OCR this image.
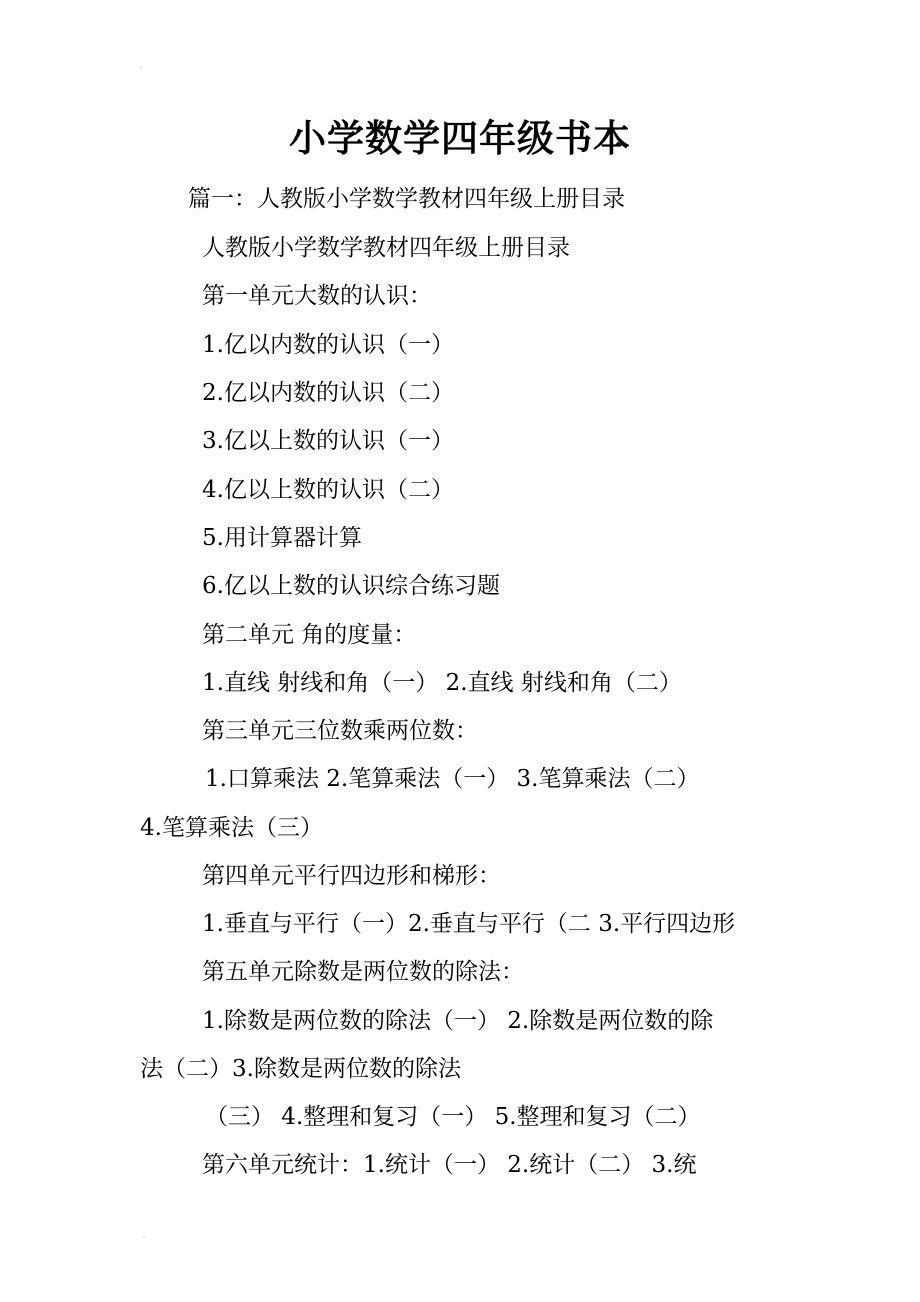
小学数学四年级书本
篇一：人教版小学数学教材四年级上册目录
人教版小学数学教材四年级上册目录
第一单元大数的认识：
1.亿以内数的认识（一）
2.亿以内数的认识（二）
3.亿以上数的认识（一）
4.亿以上数的认识（二）
5.用计算器计算
6.亿以上数的认识综合练习题
第二单元 角的度量：
1.直线 射线和角（一） 2.直线 射线和角（二）
第三单元三位数乘两位数：
1.口算乘法 2.笔算乘法（一） 3.笔算乘法（二）
4.笔算乘法（三）
第四单元平行四边形和梯形：
1.垂直与平行（一）2.垂直与平行（二 3.平行四边形
第五单元除数是两位数的除法：
1.除数是两位数的除法（一） 2.除数是两位数的除
法（二）3.除数是两位数的除法
（三） 4.整理和复习（一） 5.整理和复习（二）
第六单元统计：1.统计（一） 2.统计（二） 3.统
